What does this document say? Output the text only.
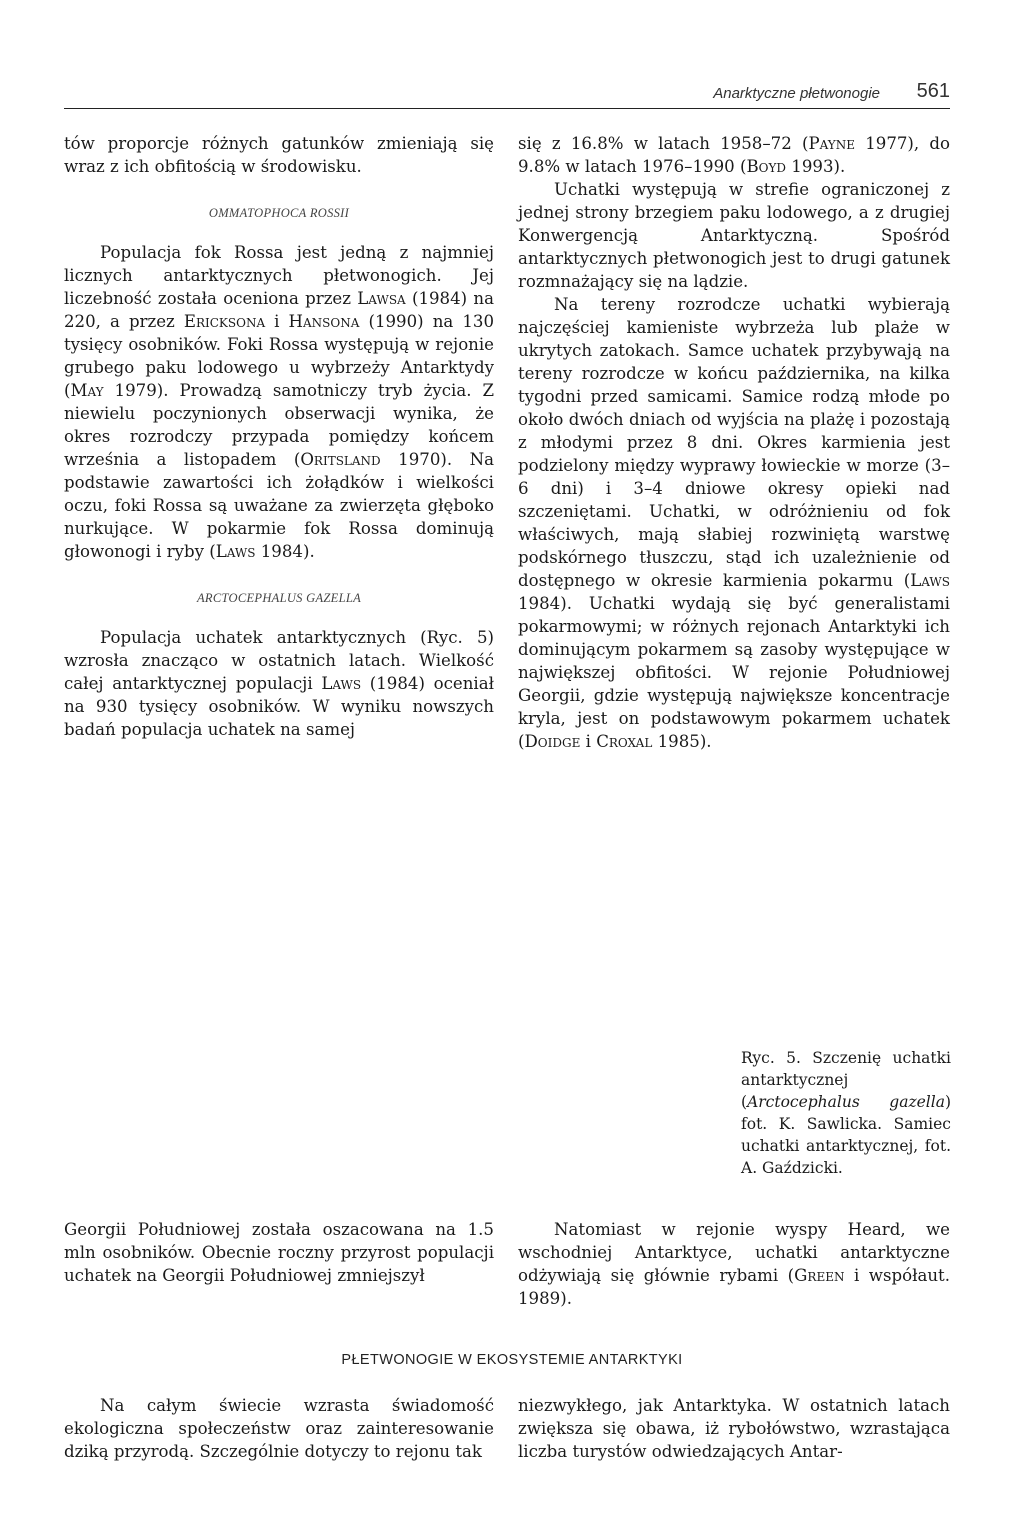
Anarktyczne płetwonogie 561

tów proporcje różnych gatunków zmieniają się wraz z ich obfitością w środowisku.

OMMATOPHOCA ROSSII

Populacja fok Rossa jest jedną z najmniej licznych antarktycznych płetwonogich. Jej liczebność została oceniona przez Lawsa (1984) na 220, a przez Ericksona i Hansona (1990) na 130 tysięcy osobników. Foki Rossa występują w rejonie grubego paku lodowego u wybrzeży Antarktydy (May 1979). Prowadzą samotniczy tryb życia. Z niewielu poczynionych obserwacji wynika, że okres rozrodczy przypada pomiędzy końcem września a listopadem (Oritsland 1970). Na podstawie zawartości ich żołądków i wielkości oczu, foki Rossa są uważane za zwierzęta głęboko nurkujące. W pokarmie fok Rossa dominują głowonogi i ryby (Laws 1984).

ARCTOCEPHALUS GAZELLA

Populacja uchatek antarktycznych (Ryc. 5) wzrosła znacząco w ostatnich latach. Wielkość całej antarktycznej populacji Laws (1984) oceniał na 930 tysięcy osobników. W wyniku nowszych badań populacja uchatek na samej

się z 16.8% w latach 1958–72 (Payne 1977), do 9.8% w latach 1976–1990 (Boyd 1993).

Uchatki występują w strefie ograniczonej z jednej strony brzegiem paku lodowego, a z drugiej Konwergencją Antarktyczną. Spośród antarktycznych płetwonogich jest to drugi gatunek rozmnażający się na lądzie.

Na tereny rozrodcze uchatki wybierają najczęściej kamieniste wybrzeża lub plaże w ukrytych zatokach. Samce uchatek przybywają na tereny rozrodcze w końcu października, na kilka tygodni przed samicami. Samice rodzą młode po około dwóch dniach od wyjścia na plażę i pozostają z młodymi przez 8 dni. Okres karmienia jest podzielony między wyprawy łowieckie w morze (3–6 dni) i 3–4 dniowe okresy opieki nad szczeniętami. Uchatki, w odróżnieniu od fok właściwych, mają słabiej rozwiniętą warstwę podskórnego tłuszczu, stąd ich uzależnienie od dostępnego w okresie karmienia pokarmu (Laws 1984). Uchatki wydają się być generalistami pokarmowymi; w różnych rejonach Antarktyki ich dominującym pokarmem są zasoby występujące w największej obfitości. W rejonie Południowej Georgii, gdzie występują największe koncentracje kryla, jest on podstawowym pokarmem uchatek (Doidge i Croxal 1985).

Ryc. 5. Szczenię uchatki antarktycznej (Arctocephalus gazella) fot. K. Sawlicka. Samiec uchatki antarktycznej, fot. A. Gaździcki.

Georgii Południowej została oszacowana na 1.5 mln osobników. Obecnie roczny przyrost populacji uchatek na Georgii Południowej zmniejszył

Natomiast w rejonie wyspy Heard, we wschodniej Antarktyce, uchatki antarktyczne odżywiają się głównie rybami (Green i współaut. 1989).

PŁETWONOGIE W EKOSYSTEMIE ANTARKTYKI

Na całym świecie wzrasta świadomość ekologiczna społeczeństw oraz zainteresowanie dziką przyrodą. Szczególnie dotyczy to rejonu tak

niezwykłego, jak Antarktyka. W ostatnich latach zwiększa się obawa, iż rybołówstwo, wzrastająca liczba turystów odwiedzających Antar-
